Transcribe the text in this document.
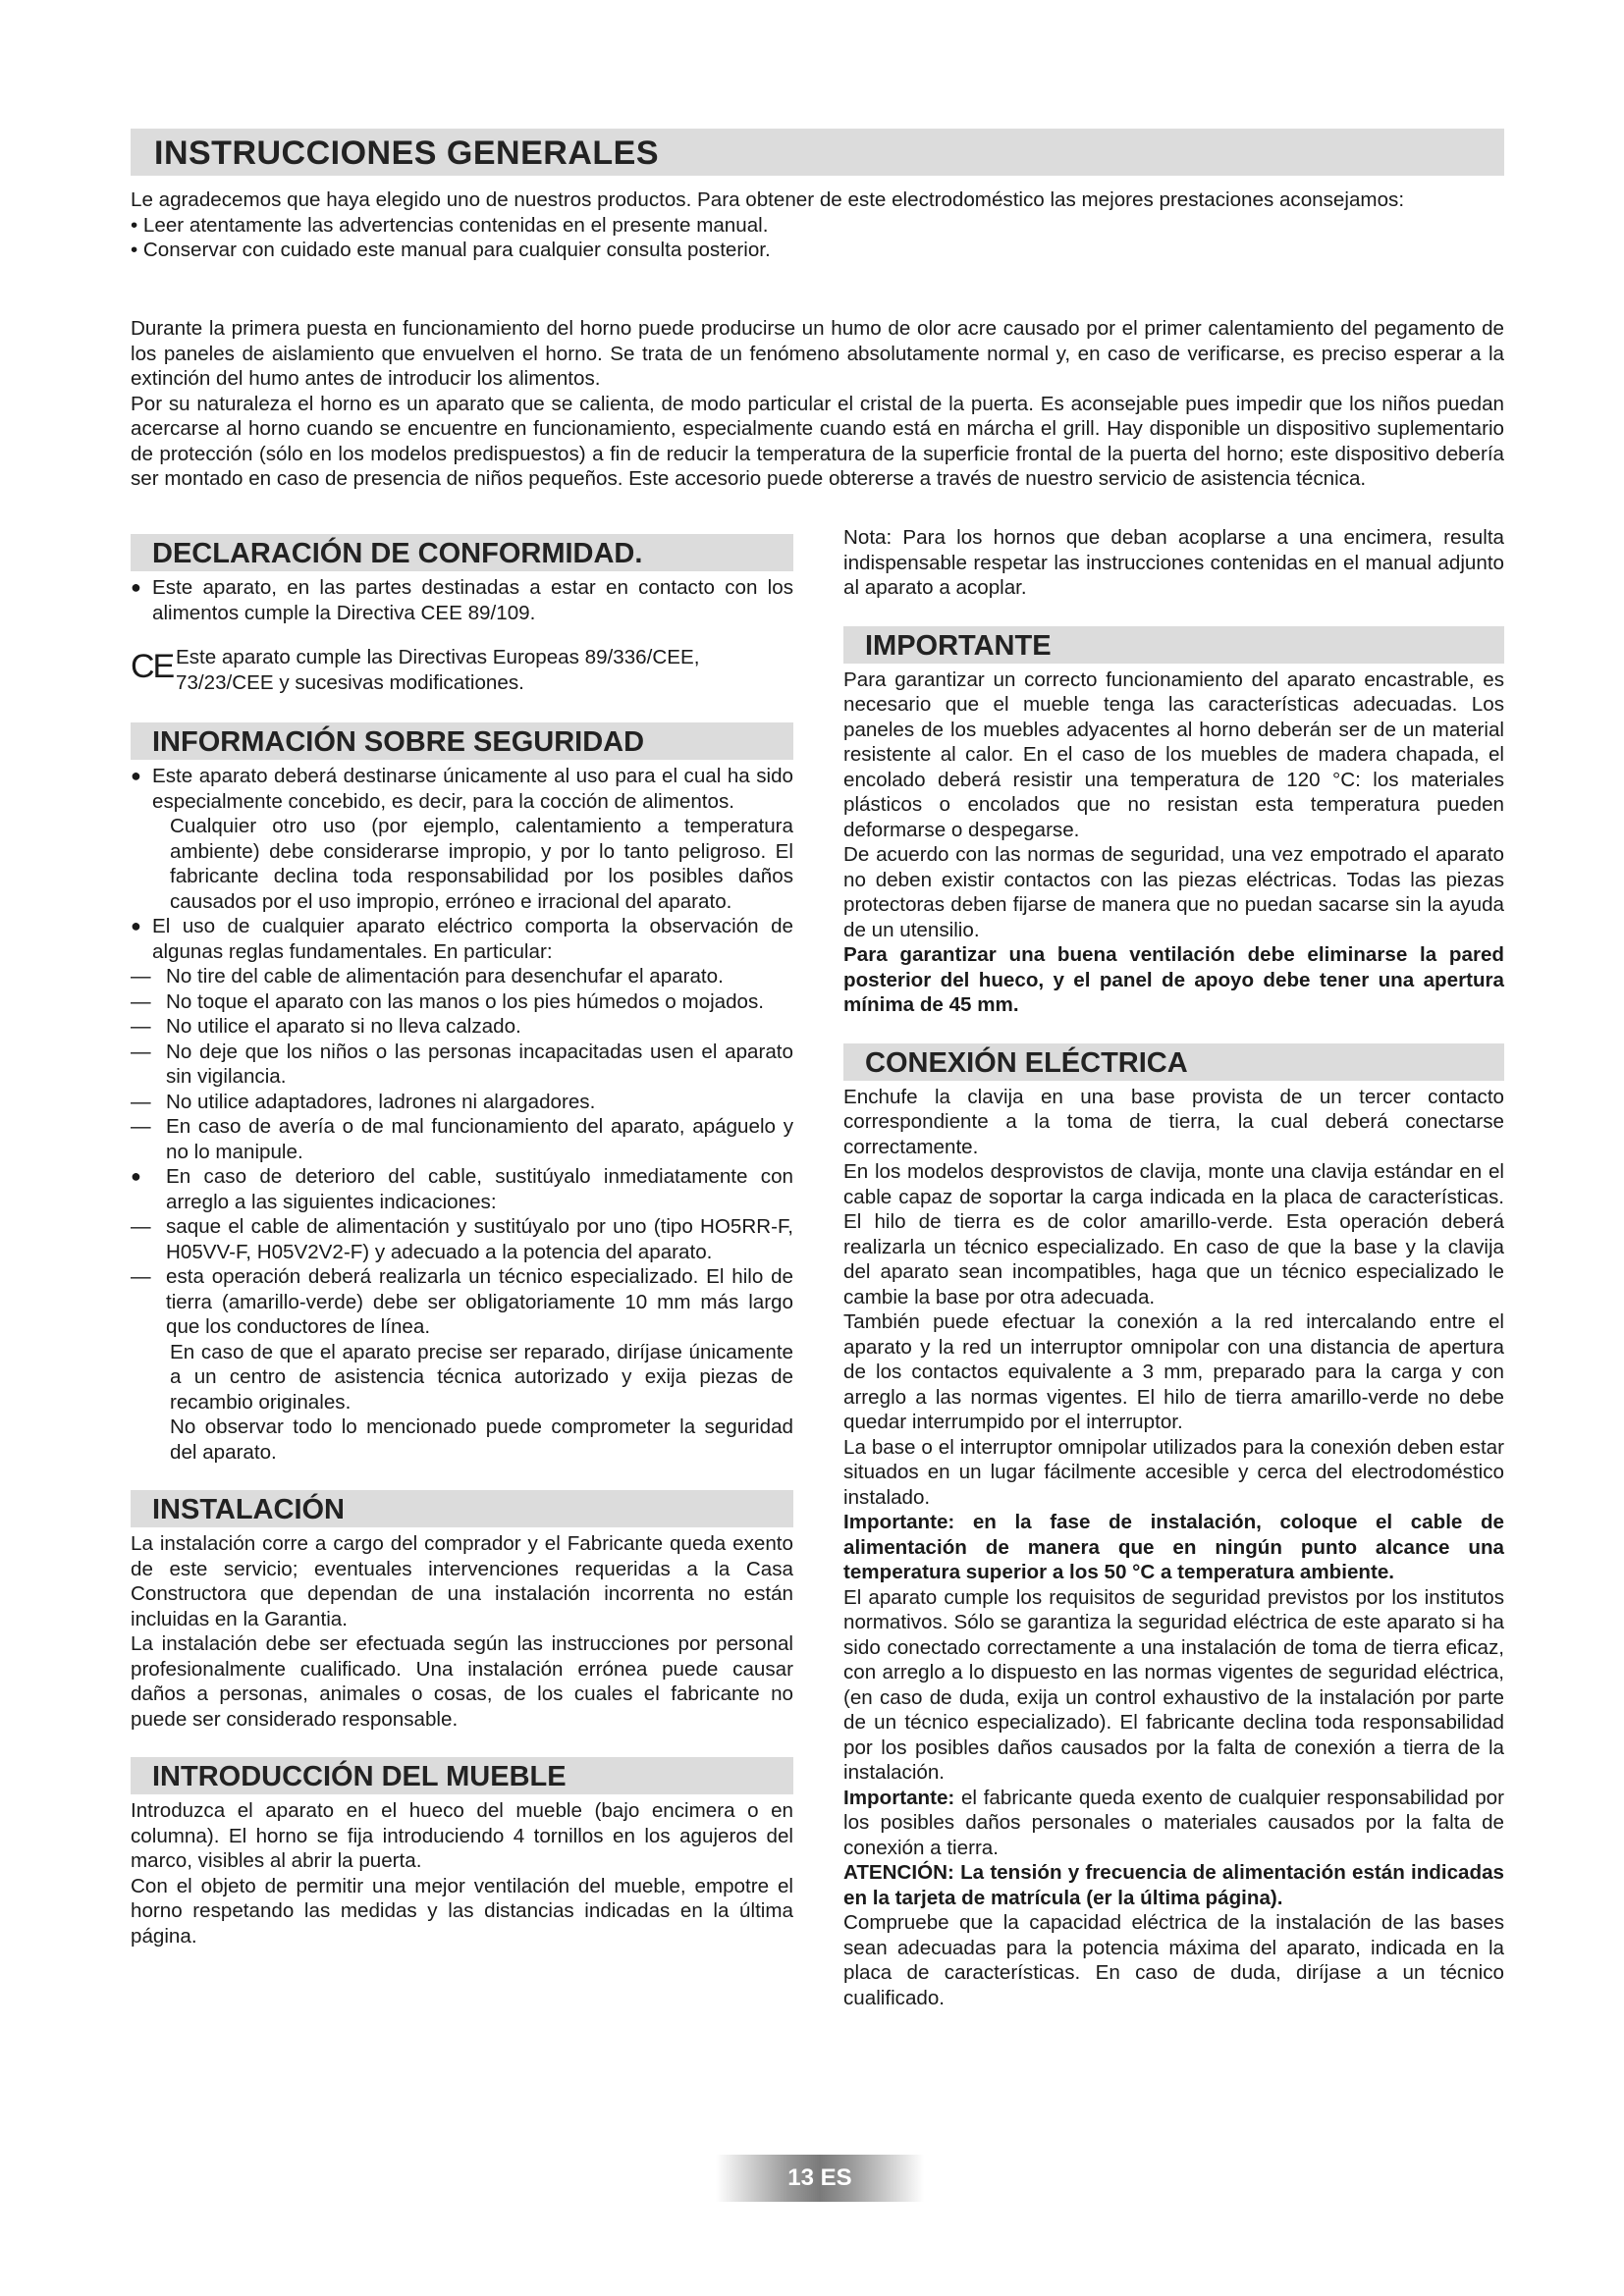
INSTRUCCIONES GENERALES

Le agradecemos que haya elegido uno de nuestros productos. Para obtener de este electrodoméstico las mejores prestaciones aconsejamos:

• Leer atentamente las advertencias contenidas en el presente manual.

• Conservar con cuidado este manual para cualquier consulta posterior.

Durante la primera puesta en funcionamiento del horno puede producirse un humo de olor acre causado por el primer calentamiento del pegamento de los paneles de aislamiento que envuelven el horno. Se trata de un fenómeno absolutamente normal y, en caso de verificarse, es preciso esperar a la extinción del humo antes de introducir los alimentos.

Por su naturaleza el horno es un aparato que se calienta, de modo particular el cristal de la puerta. Es aconsejable pues impedir que los niños puedan acercarse al horno cuando se encuentre en funcionamiento, especialmente cuando está en márcha el grill. Hay disponible un dispositivo suplementario de protección (sólo en los modelos predispuestos) a fin de reducir la temperatura de la superficie frontal de la puerta del horno; este dispositivo debería ser montado en caso de presencia de niños pequeños. Este accesorio puede obtererse a través de nuestro servicio de asistencia técnica.

DECLARACIÓN DE CONFORMIDAD.
● Este aparato, en las partes destinadas a estar en contacto con los alimentos cumple la Directiva CEE 89/109.
CE Este aparato cumple las Directivas Europeas 89/336/CEE, 73/23/CEE y sucesivas modificationes.
INFORMACIÓN SOBRE SEGURIDAD
● Este aparato deberá destinarse únicamente al uso para el cual ha sido especialmente concebido, es decir, para la cocción de alimentos.

Cualquier otro uso (por ejemplo, calentamiento a temperatura ambiente) debe considerarse impropio, y por lo tanto peligroso. El fabricante declina toda responsabilidad por los posibles daños causados por el uso impropio, erróneo e irracional del aparato.

● El uso de cualquier aparato eléctrico comporta la observación de algunas reglas fundamentales. En particular:
— No tire del cable de alimentación para desenchufar el aparato.
— No toque el aparato con las manos o los pies húmedos o mojados.
— No utilice el aparato si no lleva calzado.
— No deje que los niños o las personas incapacitadas usen el aparato sin vigilancia.
— No utilice adaptadores, ladrones ni alargadores.
— En caso de avería o de mal funcionamiento del aparato, apáguelo y no lo manipule.
●	En caso de deterioro del cable, sustitúyalo inmediatamente con arreglo a las siguientes indicaciones:
— saque el cable de alimentación y sustitúyalo por uno (tipo HO5RR-F, H05VV-F, H05V2V2-F) y adecuado a la potencia del aparato.
— esta operación deberá realizarla un técnico especializado. El hilo de tierra (amarillo-verde) debe ser obligatoriamente 10 mm más largo que los conductores de línea.

En caso de que el aparato precise ser reparado, diríjase únicamente a un centro de asistencia técnica autorizado y exija piezas de recambio originales.

No observar todo lo mencionado puede comprometer la seguridad del aparato.

INSTALACIÓN

La instalación corre a cargo del comprador y el Fabricante queda exento de este servicio; eventuales intervenciones requeridas a la Casa Constructora que dependan de una instalación incorrenta no están incluidas en la Garantia.

La instalación debe ser efectuada según las instrucciones por personal profesionalmente cualificado. Una instalación errónea puede causar daños a personas, animales o cosas, de los cuales el fabricante no puede ser considerado responsable.

INTRODUCCIÓN DEL MUEBLE

Introduzca el aparato en el hueco del mueble (bajo encimera o en columna). El horno se fija introduciendo 4 tornillos en los agujeros del marco, visibles al abrir la puerta.

Con el objeto de permitir una mejor ventilación del mueble, empotre el horno respetando las medidas y las distancias indicadas en la última página.

Nota: Para los hornos que deban acoplarse a una encimera, resulta indispensable respetar las instrucciones contenidas en el manual adjunto al aparato a acoplar.

IMPORTANTE

Para garantizar un correcto funcionamiento del aparato encastrable, es necesario que el mueble tenga las características adecuadas. Los paneles de los muebles adyacentes al horno deberán ser de un material resistente al calor. En el caso de los muebles de madera chapada, el encolado deberá resistir una temperatura de 120 °C: los materiales plásticos o encolados que no resistan esta temperatura pueden deformarse o despegarse.

De acuerdo con las normas de seguridad, una vez empotrado el aparato no deben existir contactos con las piezas eléctricas. Todas las piezas protectoras deben fijarse de manera que no puedan sacarse sin la ayuda de un utensilio.

Para garantizar una buena ventilación debe eliminarse la pared posterior del hueco, y el panel de apoyo debe tener una apertura mínima de 45 mm.

CONEXIÓN ELÉCTRICA

Enchufe la clavija en una base provista de un tercer contacto correspondiente a la toma de tierra, la cual deberá conectarse correctamente.

En los modelos desprovistos de clavija, monte una clavija estándar en el cable capaz de soportar la carga indicada en la placa de características. El hilo de tierra es de color amarillo-verde. Esta operación deberá realizarla un técnico especializado. En caso de que la base y la clavija del aparato sean incompatibles, haga que un técnico especializado le cambie la base por otra adecuada.

También puede efectuar la conexión a la red intercalando entre el aparato y la red un interruptor omnipolar con una distancia de apertura de los contactos equivalente a 3 mm, preparado para la carga y con arreglo a las normas vigentes. El hilo de tierra amarillo-verde no debe quedar interrumpido por el interruptor.

La base o el interruptor omnipolar utilizados para la conexión deben estar situados en un lugar fácilmente accesible y cerca del electrodoméstico instalado.

Importante: en la fase de instalación, coloque el cable de alimentación de manera que en ningún punto alcance una temperatura superior a los 50 °C a temperatura ambiente.

El aparato cumple los requisitos de seguridad previstos por los institutos normativos. Sólo se garantiza la seguridad eléctrica de este aparato si ha sido conectado correctamente a una instalación de toma de tierra eficaz, con arreglo a lo dispuesto en las normas vigentes de seguridad eléctrica, (en caso de duda, exija un control exhaustivo de la instalación por parte de un técnico especializado). El fabricante declina toda responsabilidad por los posibles daños causados por la falta de conexión a tierra de la instalación.

Importante: el fabricante queda exento de cualquier responsabilidad por los posibles daños personales o materiales causados por la falta de conexión a tierra.

ATENCIÓN: La tensión y frecuencia de alimentación están indicadas en la tarjeta de matrícula (er la última página).

Compruebe que la capacidad eléctrica de la instalación de las bases sean adecuadas para la potencia máxima del aparato, indicada en la placa de características. En caso de duda, diríjase a un técnico cualificado.

13 ES
